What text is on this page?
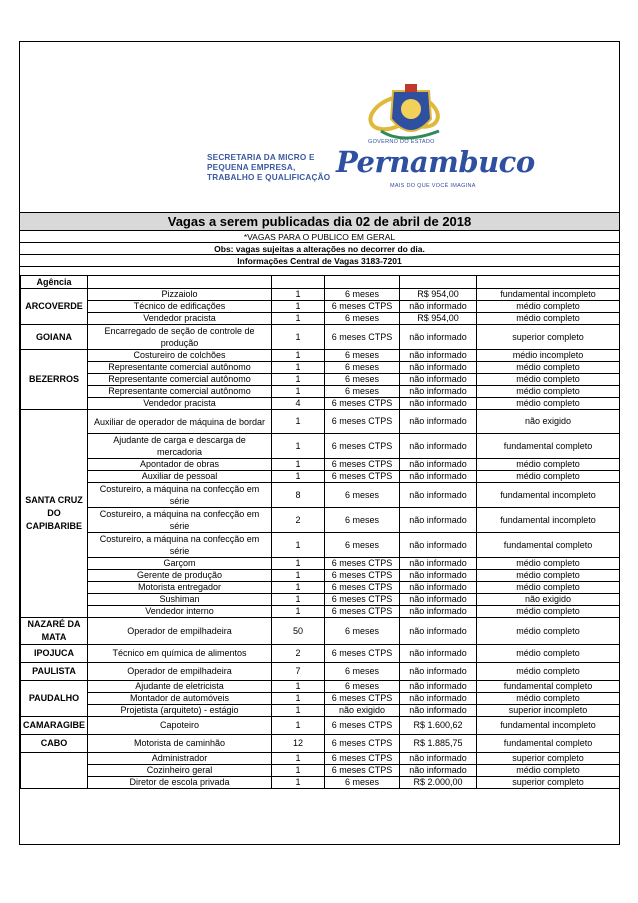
SECRETARIA DA MICRO E PEQUENA EMPRESA, TRABALHO E QUALIFICAÇÃO
GOVERNO DO ESTADO
Pernambuco
MAIS DO QUE VOCÊ IMAGINA
Vagas a serem publicadas dia 02 de abril de 2018
*VAGAS PARA O PUBLICO EM GERAL
Obs: vagas sujeitas a alterações no decorrer do dia.
Informações Central de Vagas 3183-7201
Agência					
ARCOVERDE	Pizzaiolo	1	6 meses	R$ 954,00	fundamental incompleto
	Técnico de edificações	1	6 meses CTPS	não informado	médio completo
	Vendedor pracista	1	6 meses	R$ 954,00	médio completo
GOIANA	Encarregado de seção de controle de produção	1	6 meses CTPS	não informado	superior completo
BEZERROS	Costureiro de colchões	1	6 meses	não informado	médio incompleto
	Representante comercial autônomo	1	6 meses	não informado	médio completo
	Representante comercial autônomo	1	6 meses	não informado	médio completo
	Representante comercial autônomo	1	6 meses	não informado	médio completo
	Vendedor pracista	4	6 meses CTPS	não informado	médio completo
SANTA CRUZ DO CAPIBARIBE	Auxiliar de operador de máquina de bordar	1	6 meses CTPS	não informado	não exigido
	Ajudante de carga e descarga de mercadoria	1	6 meses CTPS	não informado	fundamental completo
	Apontador de obras	1	6 meses CTPS	não informado	médio completo
	Auxiliar de pessoal	1	6 meses CTPS	não informado	médio completo
	Costureiro, a máquina na confecção em série	8	6 meses	não informado	fundamental incompleto
	Costureiro, a máquina na confecção em série	2	6 meses	não informado	fundamental incompleto
	Costureiro, a máquina na confecção em série	1	6 meses	não informado	fundamental completo
	Garçom	1	6 meses CTPS	não informado	médio completo
	Gerente de produção	1	6 meses CTPS	não informado	médio completo
	Motorista entregador	1	6 meses CTPS	não informado	médio completo
	Sushiman	1	6 meses CTPS	não informado	não exigido
	Vendedor interno	1	6 meses CTPS	não informado	médio completo
NAZARÉ DA MATA	Operador de empilhadeira	50	6 meses	não informado	médio completo
IPOJUCA	Técnico em química de alimentos	2	6 meses CTPS	não informado	médio completo
PAULISTA	Operador de empilhadeira	7	6 meses	não informado	médio completo
PAUDALHO	Ajudante de eletricista	1	6 meses	não informado	fundamental completo
	Montador de automóveis	1	6 meses CTPS	não informado	médio completo
	Projetista (arquiteto) - estágio	1	não exigido	não informado	superior incompleto
CAMARAGIBE	Capoteiro	1	6 meses CTPS	R$ 1.600,62	fundamental incompleto
CABO	Motorista de caminhão	12	6 meses CTPS	R$ 1.885,75	fundamental completo
	Administrador	1	6 meses CTPS	não informado	superior completo
	Cozinheiro geral	1	6 meses CTPS	não informado	médio completo
	Diretor de escola privada	1	6 meses	R$ 2.000,00	superior completo
